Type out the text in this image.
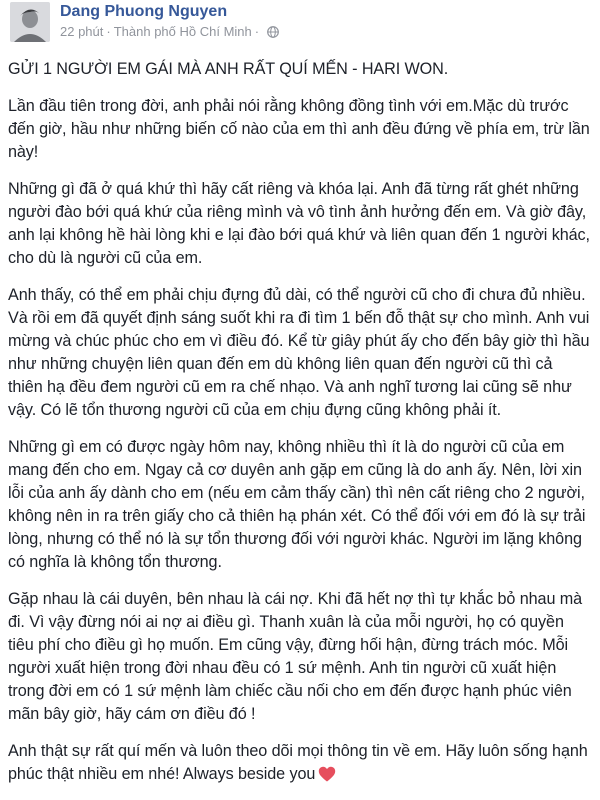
Dang Phuong Nguyen
22 phút · Thành phố Hồ Chí Minh ·

GỬI 1 NGƯỜI EM GÁI MÀ ANH RẤT QUÍ MẾN - HARI WON.

Lần đầu tiên trong đời, anh phải nói rằng không đồng tình với em.Mặc dù trước đến giờ, hầu như những biến cố nào của em thì anh đều đứng về phía em, trừ lần này!

Những gì đã ở quá khứ thì hãy cất riêng và khóa lại. Anh đã từng rất ghét những người đào bới quá khứ của riêng mình và vô tình ảnh hưởng đến em. Và giờ đây, anh lại không hề hài lòng khi e lại đào bới quá khứ và liên quan đến 1 người khác, cho dù là người cũ của em.

Anh thấy, có thể em phải chịu đựng đủ dài, có thể người cũ cho đi chưa đủ nhiều. Và rồi em đã quyết định sáng suốt khi ra đi tìm 1 bến đỗ thật sự cho mình. Anh vui mừng và chúc phúc cho em vì điều đó. Kể từ giây phút ấy cho đến bây giờ thì hầu như những chuyện liên quan đến em dù không liên quan đến người cũ thì cả thiên hạ đều đem người cũ em ra chế nhạo. Và anh nghĩ tương lai cũng sẽ như vậy. Có lẽ tổn thương người cũ của em chịu đựng cũng không phải ít.

Những gì em có được ngày hôm nay, không nhiều thì ít là do người cũ của em mang đến cho em. Ngay cả cơ duyên anh gặp em cũng là do anh ấy. Nên, lời xin lỗi của anh ấy dành cho em (nếu em cảm thấy cần) thì nên cất riêng cho 2 người, không nên in ra trên giấy cho cả thiên hạ phán xét. Có thể đối với em đó là sự trải lòng, nhưng có thể nó là sự tổn thương đối với người khác. Người im lặng không có nghĩa là không tổn thương.

Gặp nhau là cái duyên, bên nhau là cái nợ. Khi đã hết nợ thì tự khắc bỏ nhau mà đi. Vì vậy đừng nói ai nợ ai điều gì. Thanh xuân là của mỗi người, họ có quyền tiêu phí cho điều gì họ muốn. Em cũng vậy, đừng hối hận, đừng trách móc. Mỗi người xuất hiện trong đời nhau đều có 1 sứ mệnh. Anh tin người cũ xuất hiện trong đời em có 1 sứ mệnh làm chiếc cầu nối cho em đến được hạnh phúc viên mãn bây giờ, hãy cám ơn điều đó !

Anh thật sự rất quí mến và luôn theo dõi mọi thông tin về em. Hãy luôn sống hạnh phúc thật nhiều em nhé! Always beside you
